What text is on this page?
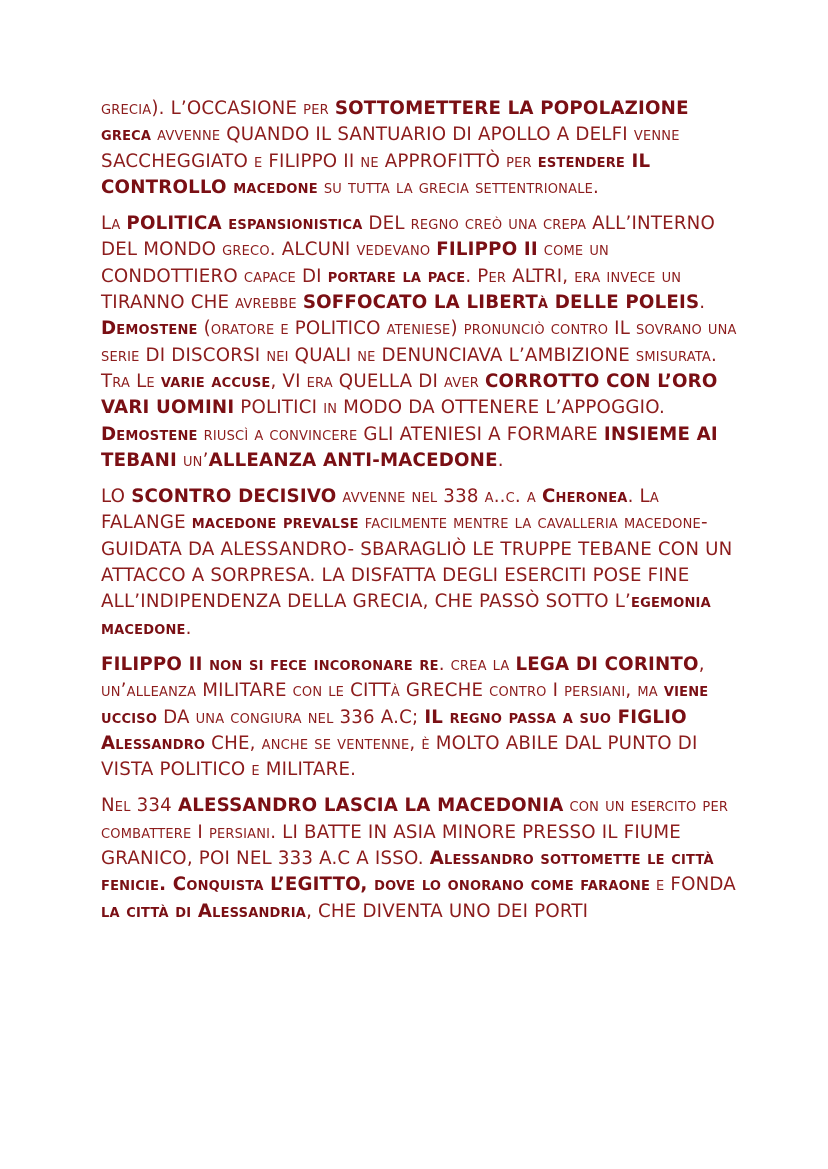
grecia). L’OCCASIONE per SOTTOMETTERE LA POPOLAZIONE greca avvenne QUANDO IL SANTUARIO DI APOLLO A DELFI venne SACCHEGGIATO e FILIPPO II ne APPROFITTÒ per estendere IL CONTROLLO macedone su tutta la grecia settentrionale.

La POLITICA espansionistica DEL regno creò una crepa ALL’INTERNO DEL MONDO greco. ALCUNI vedevano FILIPPO II come un CONDOTTIERO capace DI portare la pace. Per ALTRI, era invece un TIRANNO CHE avrebbe SOFFOCATO LA LIBERTà DELLE POLEIS. Demostene (oratore e POLITICO ateniese) pronunciò contro IL sovrano una serie DI DISCORSI nei QUALI ne DENUNCIAVA L’AMBIZIONE smisurata. Tra Le varie accuse, VI era QUELLA DI aver CORROTTO CON L’ORO VARI UOMINI POLITICI in MODO DA OTTENERE L’APPOGGIO. Demostene riuscì a convincere GLI ATENIESI A FORMARE INSIEME AI TEBANI un’ALLEANZA ANTI-MACEDONE.

LO SCONTRO DECISIVO avvenne nel 338 a..c. a Cheronea. La FALANGE macedone prevalse facilmente mentre la cavalleria macedone- GUIDATA DA ALESSANDRO- SBARAGLIÒ LE TRUPPE TEBANE CON UN ATTACCO A SORPRESA. LA DISFATTA DEGLI ESERCITI POSE FINE ALL’INDIPENDENZA DELLA GRECIA, CHE PASSÒ SOTTO L’egemonia macedone.

FILIPPO II non si fece incoronare re. crea la LEGA DI CORINTO, un’alleanza MILITARE con le CITTà GRECHE contro I persiani, ma viene ucciso DA una congiura nel 336 A.C; IL regno passa a suo FIGLIO Alessandro CHE, anche se ventenne, è MOLTO ABILE DAL PUNTO DI VISTA POLITICO e MILITARE.

Nel 334 ALESSANDRO LASCIA LA MACEDONIA con un esercito per combattere I persiani. LI BATTE IN ASIA MINORE PRESSO IL FIUME GRANICO, POI NEL 333 A.C A ISSO. Alessandro sottomette le città fenicie. Conquista L’EGITTO, dove lo onorano come faraone e FONDA la città di Alessandria, CHE DIVENTA UNO DEI PORTI
